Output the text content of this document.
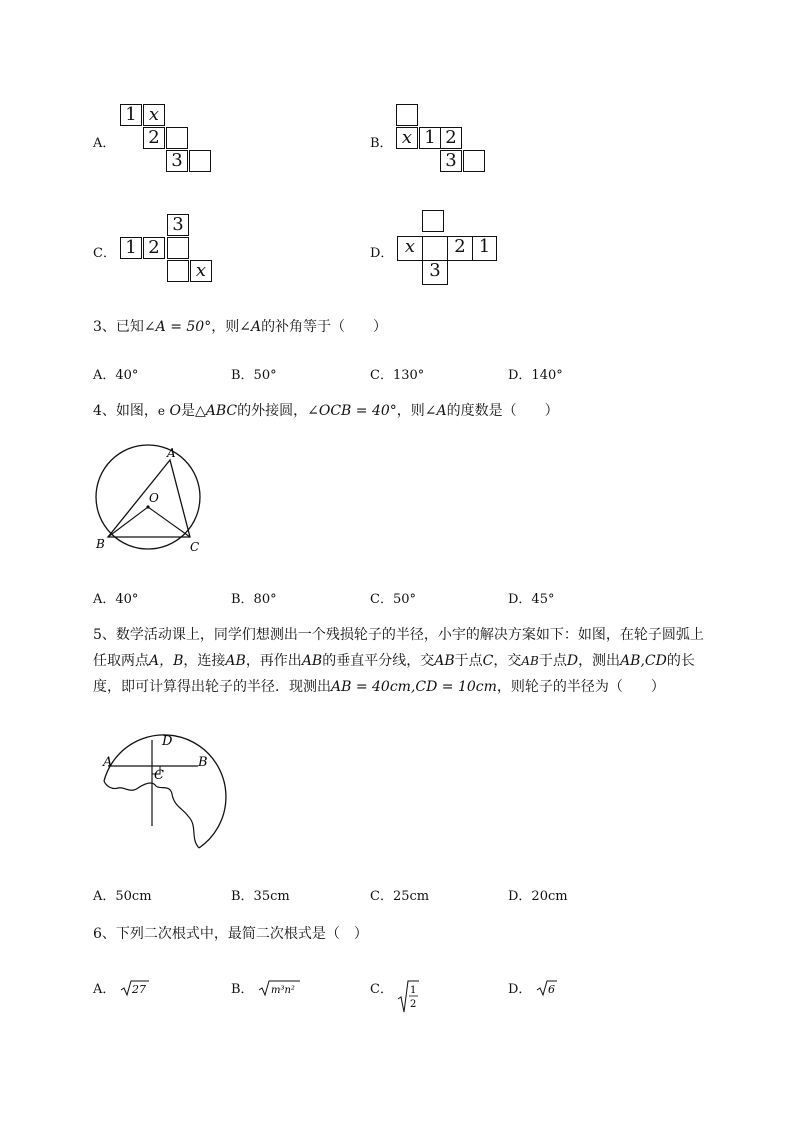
A．
1 x
2
3
B． x 1 2
3
C． 1 2
3
x
D． x	2 1
3
3、已知∠A = 50°，则∠A的补角等于（　　）
A．40°	B．50°	C．130°	D．140°
4、如图，e O是△ABC的外接圆，∠OCB = 40°，则∠A的度数是（　　）
A
B	C
O
A．40°	B．80°	C．50°	D．45°
5、数学活动课上，同学们想测出一个残损轮子的半径，小宇的解决方案如下：如图，在轮子圆弧上
任取两点A，B，连接AB，再作出AB的垂直平分线，交AB于点C，交AB于点D，测出AB,CD的长
度，即可计算得出轮子的半径．现测出AB = 40cm,CD = 10cm，则轮子的半径为（　　）
A	B
C
D
A．50cm	B．35cm	C．25cm	D．20cm
6、下列二次根式中，最简二次根式是（　）
A． 27	B． m³n²	C． 1
2
D． 6
